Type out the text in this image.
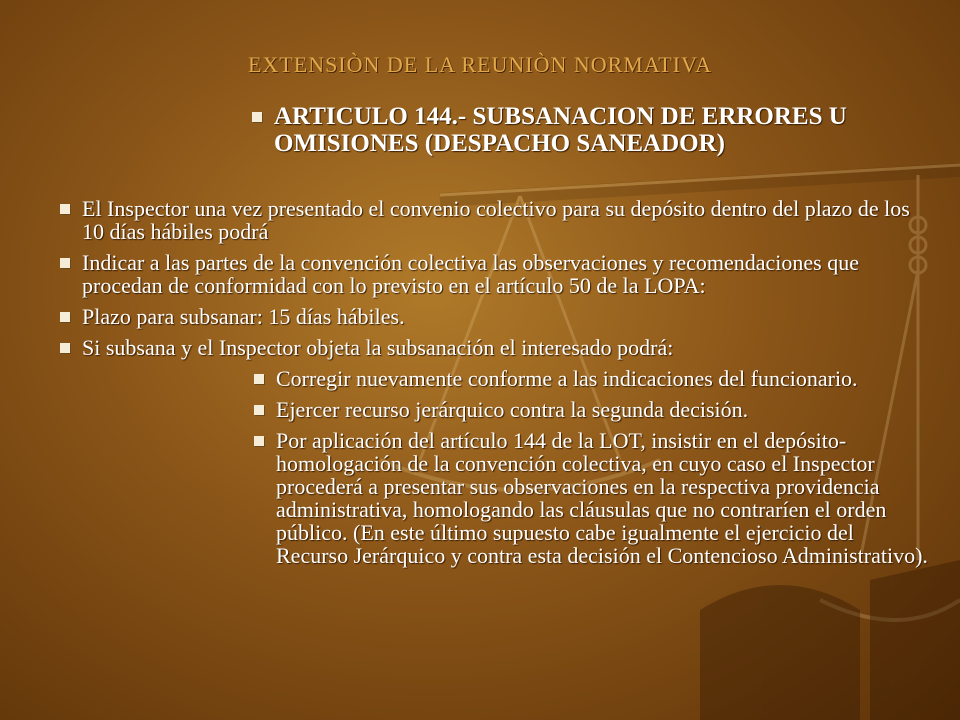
EXTENSIÒN DE LA REUNIÒN NORMATIVA
ARTICULO 144.- SUBSANACION DE ERRORES U OMISIONES (DESPACHO SANEADOR)
El Inspector una vez presentado el convenio colectivo para su depósito dentro del plazo de los 10 días hábiles podrá
Indicar a las partes de la convención colectiva las observaciones y recomendaciones que procedan de conformidad con lo previsto en el artículo 50 de la LOPA:
Plazo para subsanar: 15 días hábiles.
Si subsana y el Inspector objeta la subsanación el interesado podrá:
Corregir nuevamente conforme a las indicaciones del funcionario.
Ejercer recurso jerárquico contra la segunda decisión.
Por aplicación del artículo 144 de la LOT, insistir en el depósito-homologación de la convención colectiva, en cuyo caso el Inspector procederá a presentar sus observaciones en la respectiva providencia administrativa, homologando las cláusulas que no contraríen el orden público. (En este último supuesto cabe igualmente el ejercicio del Recurso Jerárquico y contra esta decisión el Contencioso Administrativo).
